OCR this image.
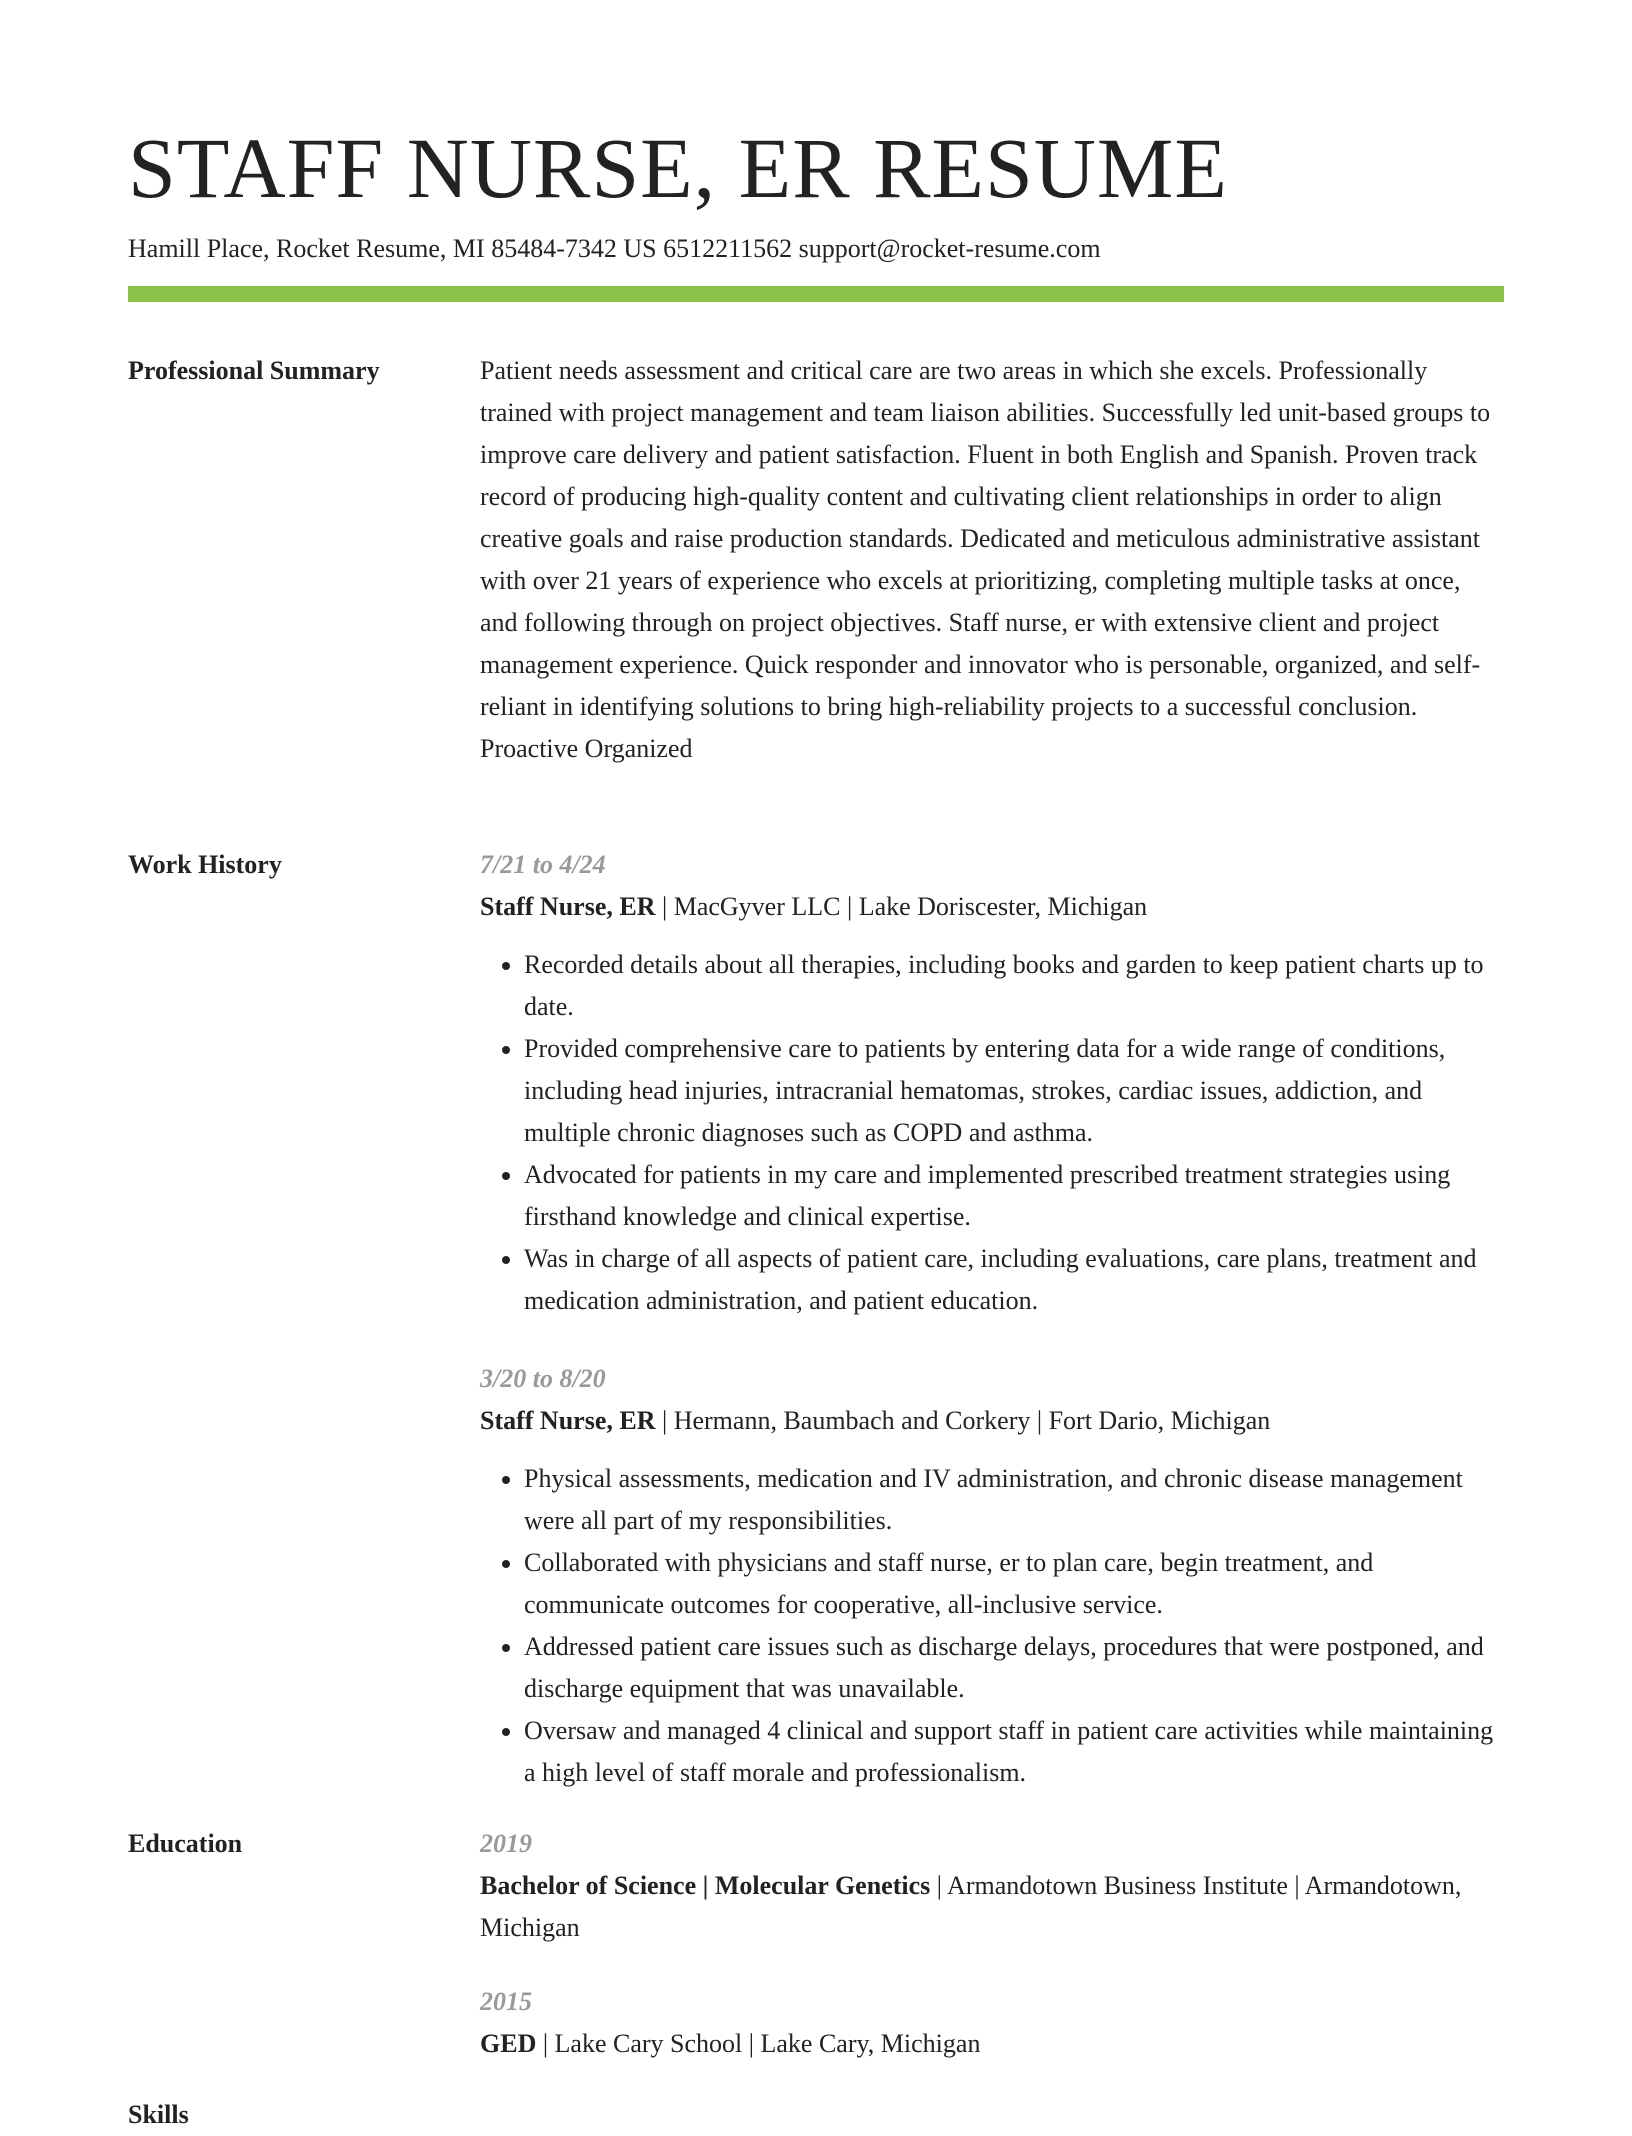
STAFF NURSE, ER RESUME
Hamill Place, Rocket Resume, MI 85484-7342 US 6512211562 support@rocket-resume.com
Professional Summary	Patient needs assessment and critical care are two areas in which she excels. Professionally trained with project management and team liaison abilities. Successfully led unit-based groups to improve care delivery and patient satisfaction. Fluent in both English and Spanish. Proven track record of producing high-quality content and cultivating client relationships in order to align creative goals and raise production standards. Dedicated and meticulous administrative assistant with over 21 years of experience who excels at prioritizing, completing multiple tasks at once, and following through on project objectives. Staff nurse, er with extensive client and project management experience. Quick responder and innovator who is personable, organized, and self-reliant in identifying solutions to bring high-reliability projects to a successful conclusion. Proactive Organized

Work History	7/21 to 4/24
Staff Nurse, ER | MacGyver LLC | Lake Doriscester, Michigan
• Recorded details about all therapies, including books and garden to keep patient charts up to date.
• Provided comprehensive care to patients by entering data for a wide range of conditions, including head injuries, intracranial hematomas, strokes, cardiac issues, addiction, and multiple chronic diagnoses such as COPD and asthma.
• Advocated for patients in my care and implemented prescribed treatment strategies using firsthand knowledge and clinical expertise.
• Was in charge of all aspects of patient care, including evaluations, care plans, treatment and medication administration, and patient education.
3/20 to 8/20
Staff Nurse, ER | Hermann, Baumbach and Corkery | Fort Dario, Michigan
• Physical assessments, medication and IV administration, and chronic disease management were all part of my responsibilities.
• Collaborated with physicians and staff nurse, er to plan care, begin treatment, and communicate outcomes for cooperative, all-inclusive service.
• Addressed patient care issues such as discharge delays, procedures that were postponed, and discharge equipment that was unavailable.
• Oversaw and managed 4 clinical and support staff in patient care activities while maintaining a high level of staff morale and professionalism.
Education	2019
Bachelor of Science | Molecular Genetics | Armandotown Business Institute | Armandotown, Michigan
2015
GED | Lake Cary School | Lake Cary, Michigan
Skills
